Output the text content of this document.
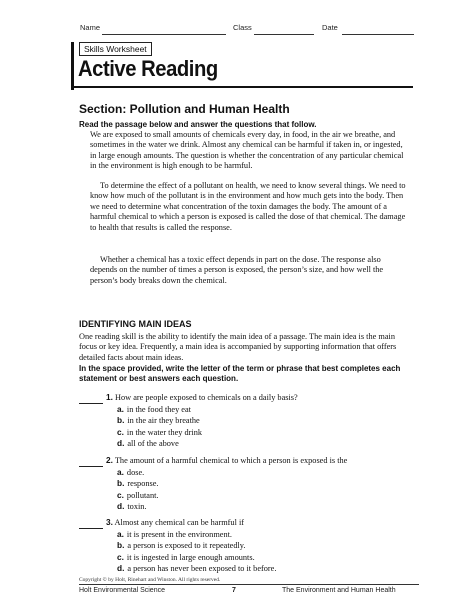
Name	Class	Date
Skills Worksheet
Active Reading
Section: Pollution and Human Health
Read the passage below and answer the questions that follow.

We are exposed to small amounts of chemicals every day, in food, in the air we breathe, and sometimes in the water we drink. Almost any chemical can be harmful if taken in, or ingested, in large enough amounts. The question is whether the concentration of any particular chemical in the environment is high enough to be harmful.

To determine the effect of a pollutant on health, we need to know several things. We need to know how much of the pollutant is in the environment and how much gets into the body. Then we need to determine what concentration of the toxin damages the body. The amount of a harmful chemical to which a person is exposed is called the dose of that chemical. The damage to health that results is called the response.

Whether a chemical has a toxic effect depends in part on the dose. The response also depends on the number of times a person is exposed, the person’s size, and how well the person’s body breaks down the chemical.

IDENTIFYING MAIN IDEAS

One reading skill is the ability to identify the main idea of a passage. The main idea is the main focus or key idea. Frequently, a main idea is accompanied by supporting information that offers detailed facts about main ideas.

In the space provided, write the letter of the term or phrase that best completes each statement or best answers each question.

1. How are people exposed to chemicals on a daily basis?
a. in the food they eat
b. in the air they breathe
c. in the water they drink
d. all of the above
2. The amount of a harmful chemical to which a person is exposed is the
a. dose.
b. response.
c. pollutant.
d. toxin.
3. Almost any chemical can be harmful if
a. it is present in the environment.
b. a person is exposed to it repeatedly.
c. it is ingested in large enough amounts.
d. a person has never been exposed to it before.
Copyright © by Holt, Rinehart and Winston. All rights reserved.
Holt Environmental Science	7	The Environment and Human Health
